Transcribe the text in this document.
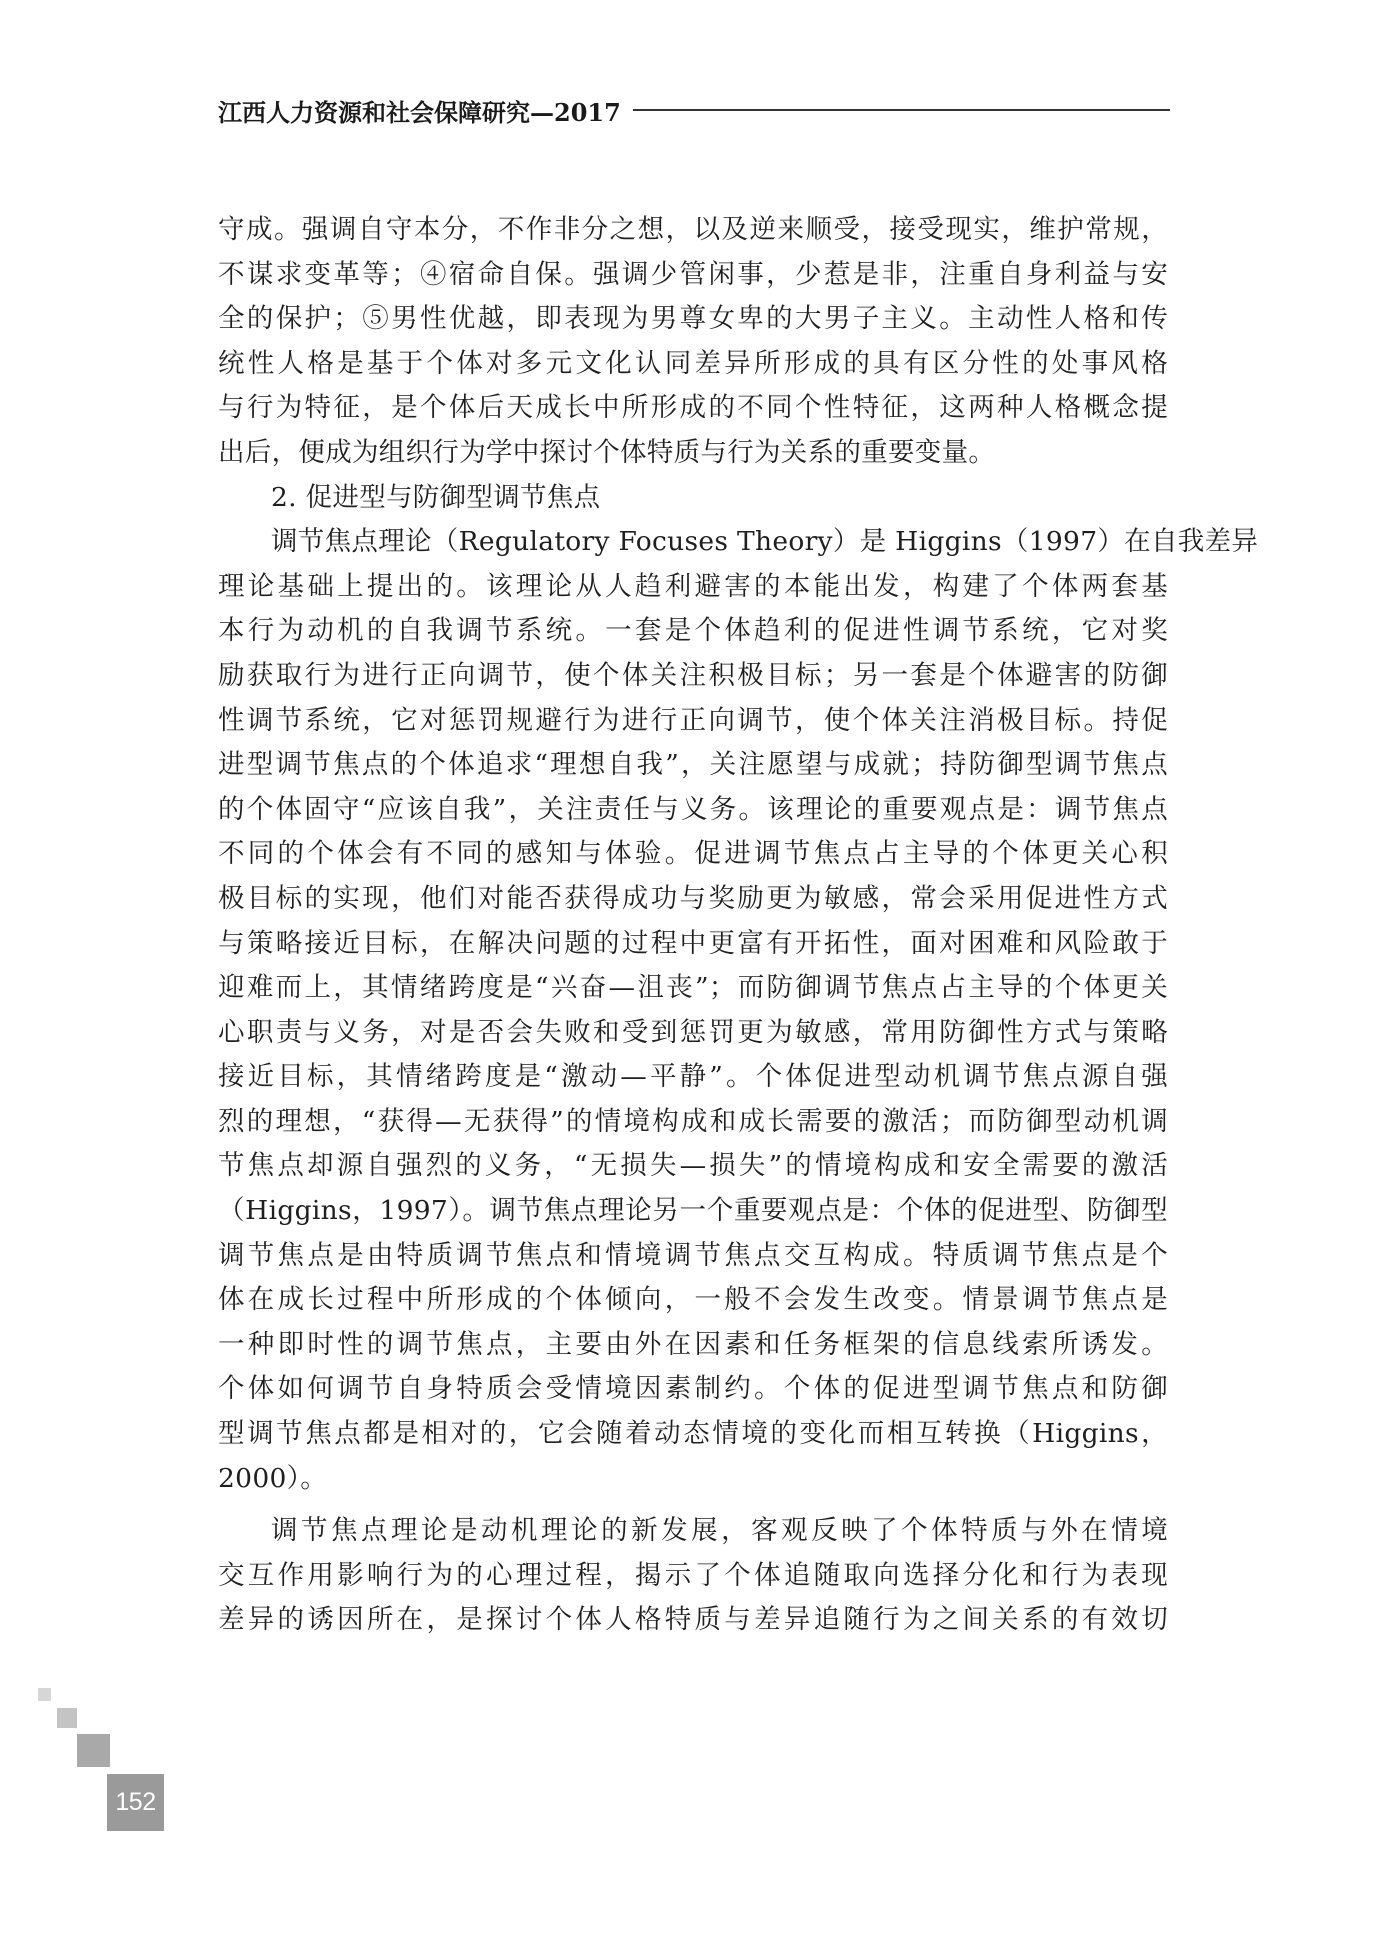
江西人力资源和社会保障研究—2017
守成。强调自守本分，不作非分之想，以及逆来顺受，接受现实，维护常规，
不谋求变革等；④宿命自保。强调少管闲事，少惹是非，注重自身利益与安
全的保护；⑤男性优越，即表现为男尊女卑的大男子主义。主动性人格和传
统性人格是基于个体对多元文化认同差异所形成的具有区分性的处事风格
与行为特征，是个体后天成长中所形成的不同个性特征，这两种人格概念提
出后，便成为组织行为学中探讨个体特质与行为关系的重要变量。
2. 促进型与防御型调节焦点
调节焦点理论（Regulatory Focuses Theory）是 Higgins（1997）在自我差异
理论基础上提出的。该理论从人趋利避害的本能出发，构建了个体两套基
本行为动机的自我调节系统。一套是个体趋利的促进性调节系统，它对奖
励获取行为进行正向调节，使个体关注积极目标；另一套是个体避害的防御
性调节系统，它对惩罚规避行为进行正向调节，使个体关注消极目标。持促
进型调节焦点的个体追求“理想自我”，关注愿望与成就；持防御型调节焦点
的个体固守“应该自我”，关注责任与义务。该理论的重要观点是：调节焦点
不同的个体会有不同的感知与体验。促进调节焦点占主导的个体更关心积
极目标的实现，他们对能否获得成功与奖励更为敏感，常会采用促进性方式
与策略接近目标，在解决问题的过程中更富有开拓性，面对困难和风险敢于
迎难而上，其情绪跨度是“兴奋—沮丧”；而防御调节焦点占主导的个体更关
心职责与义务，对是否会失败和受到惩罚更为敏感，常用防御性方式与策略
接近目标，其情绪跨度是“激动—平静”。个体促进型动机调节焦点源自强
烈的理想，“获得—无获得”的情境构成和成长需要的激活；而防御型动机调
节焦点却源自强烈的义务，“无损失—损失”的情境构成和安全需要的激活
（Higgins，1997）。调节焦点理论另一个重要观点是：个体的促进型、防御型
调节焦点是由特质调节焦点和情境调节焦点交互构成。特质调节焦点是个
体在成长过程中所形成的个体倾向，一般不会发生改变。情景调节焦点是
一种即时性的调节焦点，主要由外在因素和任务框架的信息线索所诱发。
个体如何调节自身特质会受情境因素制约。个体的促进型调节焦点和防御
型调节焦点都是相对的，它会随着动态情境的变化而相互转换（Higgins，
2000）。
调节焦点理论是动机理论的新发展，客观反映了个体特质与外在情境
交互作用影响行为的心理过程，揭示了个体追随取向选择分化和行为表现
差异的诱因所在，是探讨个体人格特质与差异追随行为之间关系的有效切
152
